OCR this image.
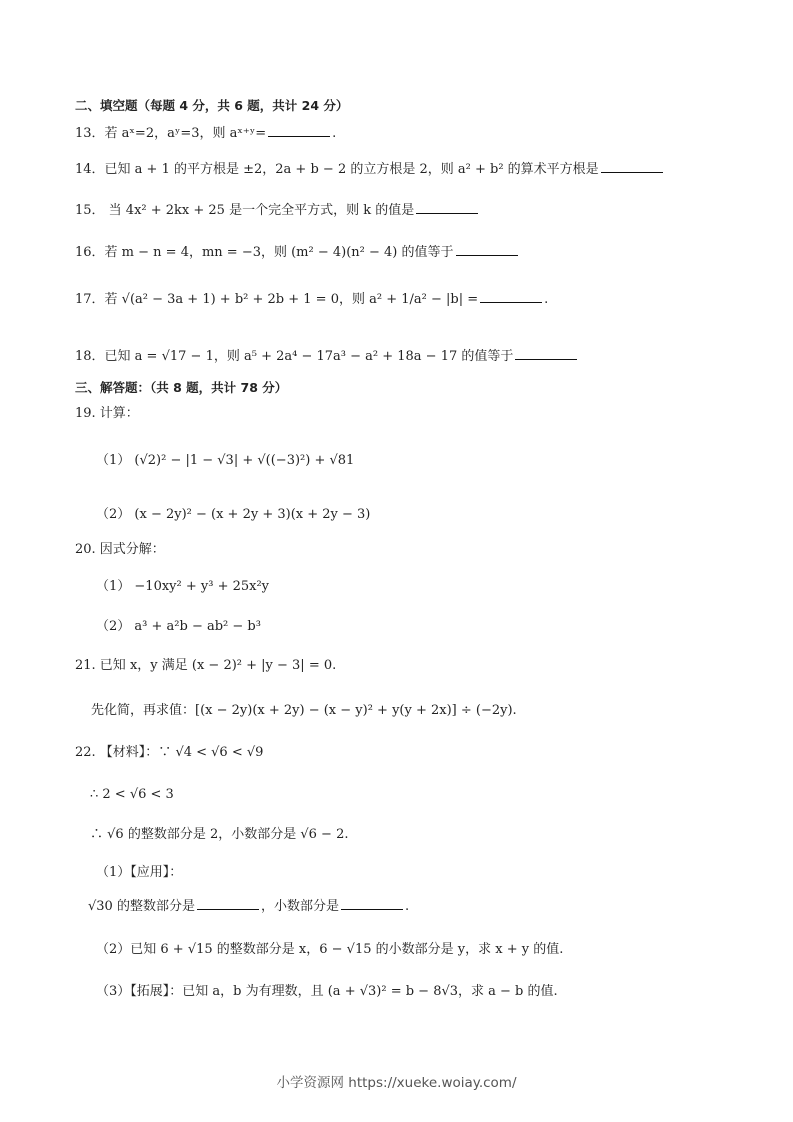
二、填空题（每题 4 分，共 6 题，共计 24 分）
13．若 aˣ=2，aʸ=3，则 aˣ⁺ʸ=	.
14．已知 a + 1 的平方根是 ±2，2a + b − 2 的立方根是 2，则 a² + b² 的算术平方根是
15． 当 4x² + 2kx + 25 是一个完全平方式，则 k 的值是
16．若 m − n = 4，mn = −3，则 (m² − 4)(n² − 4) 的值等于
17．若 √(a² − 3a + 1) + b² + 2b + 1 = 0，则 a² + 1/a² − |b| =	.
18．已知 a = √17 − 1，则 a⁵ + 2a⁴ − 17a³ − a² + 18a − 17 的值等于
三、解答题：（共 8 题，共计 78 分）
19. 计算：
（1） (√2)² − |1 − √3| + √((−3)²) + √81
（2） (x − 2y)² − (x + 2y + 3)(x + 2y − 3)
20. 因式分解：
（1） −10xy² + y³ + 25x²y
（2） a³ + a²b − ab² − b³
21. 已知 x，y 满足 (x − 2)² + |y − 3| = 0.
先化简，再求值：[(x − 2y)(x + 2y) − (x − y)² + y(y + 2x)] ÷ (−2y).
22. 【材料】：∵ √4 < √6 < √9
∴ 2 < √6 < 3
∴ √6 的整数部分是 2，小数部分是 √6 − 2.
（1）【应用】：
√30 的整数部分是	，小数部分是	.
（2）已知 6 + √15 的整数部分是 x，6 − √15 的小数部分是 y，求 x + y 的值.
（3）【拓展】：已知 a，b 为有理数，且 (a + √3)² = b − 8√3，求 a − b 的值.
小学资源网 https://xueke.woiay.com/
